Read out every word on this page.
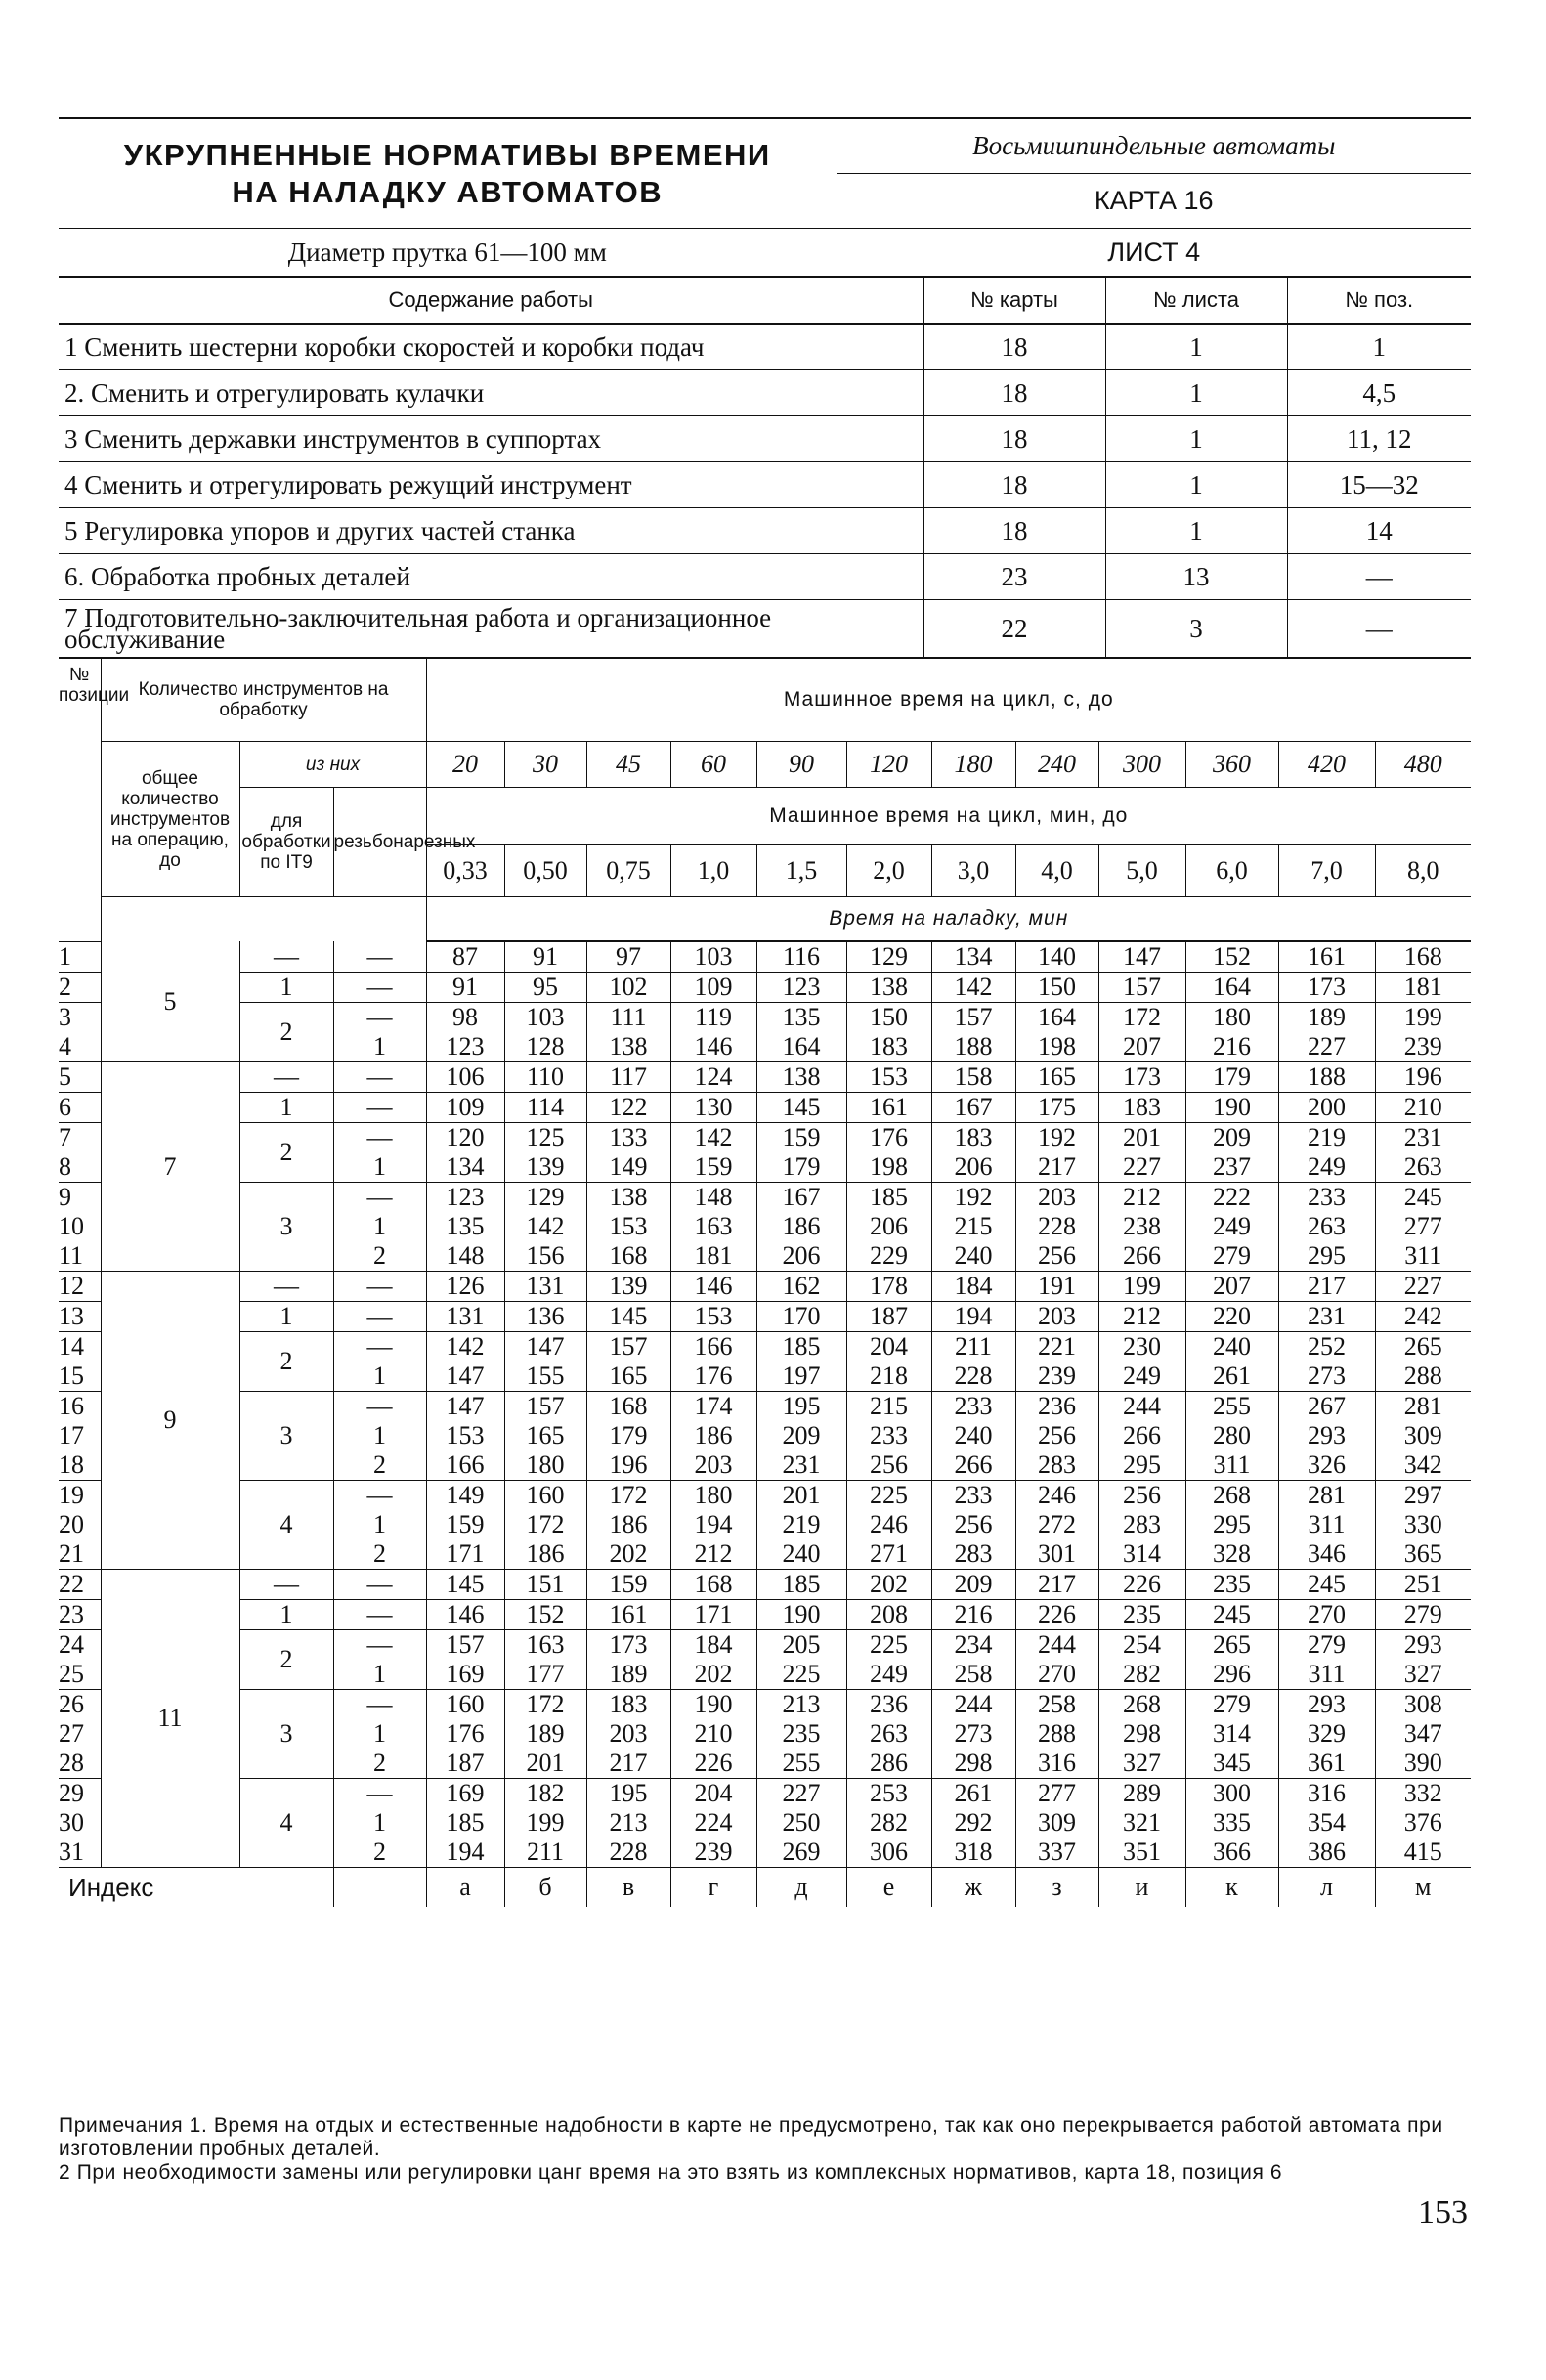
УКРУПНЕННЫЕ НОРМАТИВЫ ВРЕМЕНИ
НА НАЛАДКУ АВТОМАТОВ	Восьмишпиндельные автоматы
	КАРТА 16
Диаметр прутка 61—100 мм	ЛИСТ 4
Содержание работы	№ карты	№ листа	№ поз.
1 Сменить шестерни коробки скоростей и коробки подач	18	1	1
2. Сменить и отрегулировать кулачки	18	1	4,5
3 Сменить державки инструментов в суппортах	18	1	11, 12
4 Сменить и отрегулировать режущий инструмент	18	1	15—32
5 Регулировка упоров и других частей станка	18	1	14
6. Обработка пробных деталей	23	13	—
7 Подготовительно-заключительная работа и организационное обслуживание	22	3	—
№ позиции	Количество инструментов на обработку			Машинное время на цикл, с, до											
	общее количество инструментов на операцию, до	из них		20	30	45	60	90	120	180	240	300	360	420	480
		для обработки по IT9	резьбонарезных	Машинное время на цикл, мин, до											
				0,33	0,50	0,75	1,0	1,5	2,0	3,0	4,0	5,0	6,0	7,0	8,0
				Время на наладку, мин											
1	5	—	—	87	91	97	103	116	129	134	140	147	152	161	168
2		1	—	91	95	102	109	123	138	142	150	157	164	173	181
3		2	—	98	103	111	119	135	150	157	164	172	180	189	199
4			1	123	128	138	146	164	183	188	198	207	216	227	239
5	7	—	—	106	110	117	124	138	153	158	165	173	179	188	196
6		1	—	109	114	122	130	145	161	167	175	183	190	200	210
7		2	—	120	125	133	142	159	176	183	192	201	209	219	231
8			1	134	139	149	159	179	198	206	217	227	237	249	263
9		3	—	123	129	138	148	167	185	192	203	212	222	233	245
10			1	135	142	153	163	186	206	215	228	238	249	263	277
11			2	148	156	168	181	206	229	240	256	266	279	295	311
12	9	—	—	126	131	139	146	162	178	184	191	199	207	217	227
13		1	—	131	136	145	153	170	187	194	203	212	220	231	242
14		2	—	142	147	157	166	185	204	211	221	230	240	252	265
15			1	147	155	165	176	197	218	228	239	249	261	273	288
16		3	—	147	157	168	174	195	215	233	236	244	255	267	281
17			1	153	165	179	186	209	233	240	256	266	280	293	309
18			2	166	180	196	203	231	256	266	283	295	311	326	342
19		4	—	149	160	172	180	201	225	233	246	256	268	281	297
20			1	159	172	186	194	219	246	256	272	283	295	311	330
21			2	171	186	202	212	240	271	283	301	314	328	346	365
22	11	—	—	145	151	159	168	185	202	209	217	226	235	245	251
23		1	—	146	152	161	171	190	208	216	226	235	245	270	279
24		2	—	157	163	173	184	205	225	234	244	254	265	279	293
25			1	169	177	189	202	225	249	258	270	282	296	311	327
26		3	—	160	172	183	190	213	236	244	258	268	279	293	308
27			1	176	189	203	210	235	263	273	288	298	314	329	347
28			2	187	201	217	226	255	286	298	316	327	345	361	390
29		4	—	169	182	195	204	227	253	261	277	289	300	316	332
30			1	185	199	213	224	250	282	292	309	321	335	354	376
31			2	194	211	228	239	269	306	318	337	351	366	386	415
Индекс				а	б	в	г	д	е	ж	з	и	к	л	м
Примечания 1. Время на отдых и естественные надобности в карте не предусмотрено, так как оно перекрывается работой автомата при изготовлении пробных деталей.
2 При необходимости замены или регулировки цанг время на это взять из комплексных нормативов, карта 18, позиция 6
153
